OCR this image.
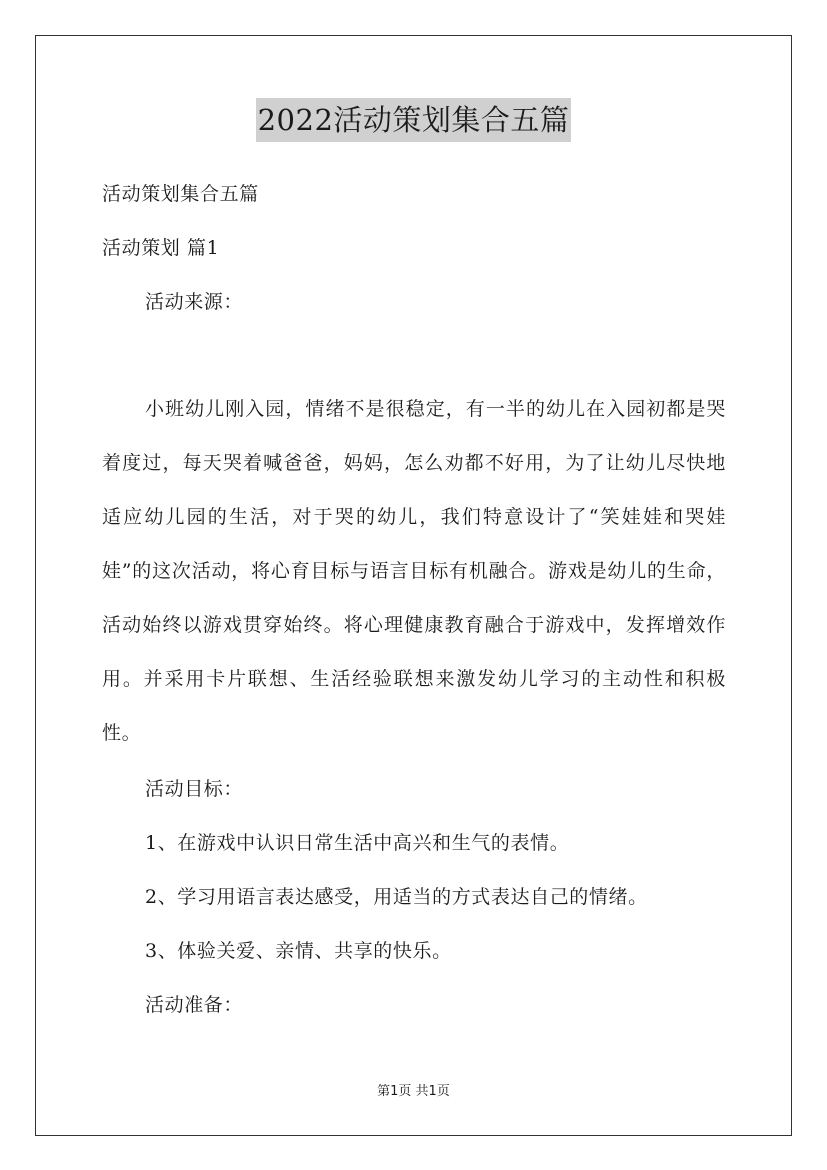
2022活动策划集合五篇
活动策划集合五篇
活动策划 篇1
活动来源：
小班幼儿刚入园，情绪不是很稳定，有一半的幼儿在入园初都是哭着度过，每天哭着喊爸爸，妈妈，怎么劝都不好用，为了让幼儿尽快地适应幼儿园的生活，对于哭的幼儿，我们特意设计了“笑娃娃和哭娃娃”的这次活动，将心育目标与语言目标有机融合。游戏是幼儿的生命，活动始终以游戏贯穿始终。将心理健康教育融合于游戏中，发挥增效作用。并采用卡片联想、生活经验联想来激发幼儿学习的主动性和积极性。
活动目标：
1、在游戏中认识日常生活中高兴和生气的表情。
2、学习用语言表达感受，用适当的方式表达自己的情绪。
3、体验关爱、亲情、共享的快乐。
活动准备：
第1页 共1页
